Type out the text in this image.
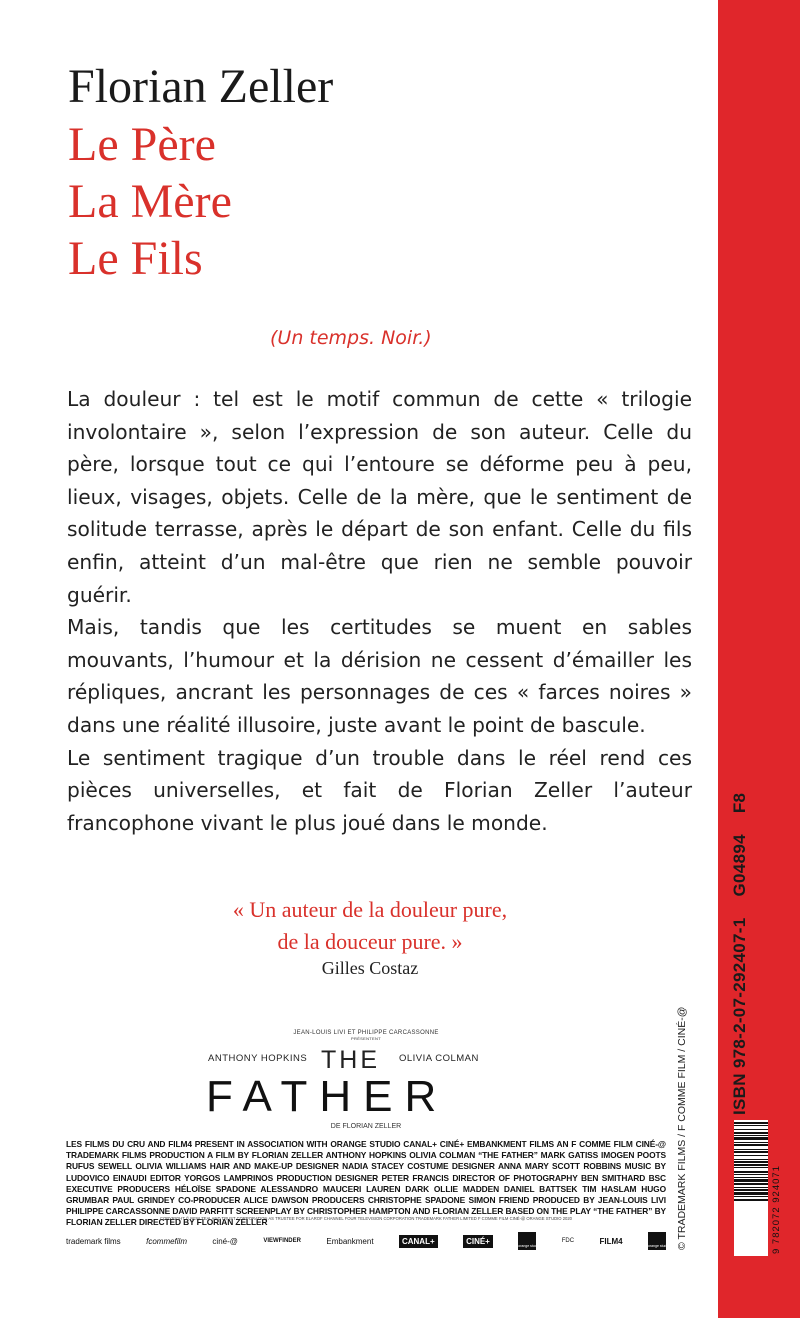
Florian Zeller
Le Père
La Mère
Le Fils
(Un temps. Noir.)

La douleur : tel est le motif commun de cette « trilogie involontaire », selon l’expression de son auteur. Celle du père, lorsque tout ce qui l’entoure se déforme peu à peu, lieux, visages, objets. Celle de la mère, que le sentiment de solitude terrasse, après le départ de son enfant. Celle du fils enfin, atteint d’un mal-être que rien ne semble pouvoir guérir.

Mais, tandis que les certitudes se muent en sables mouvants, l’humour et la dérision ne cessent d’émailler les répliques, ancrant les personnages de ces « farces noires » dans une réalité illusoire, juste avant le point de bascule.

Le sentiment tragique d’un trouble dans le réel rend ces pièces universelles, et fait de Florian Zeller l’auteur francophone vivant le plus joué dans le monde.

« Un auteur de la douleur pure,
de la douceur pure. »
Gilles Costaz
JEAN-LOUIS LIVI ET PHILIPPE CARCASSONNE
PRÉSENTENT
ANTHONY HOPKINS THE OLIVIA COLMAN
FATHER
DE FLORIAN ZELLER
LES FILMS DU CRU AND FILM4 PRESENT IN ASSOCIATION WITH ORANGE STUDIO CANAL+ CINÉ+ EMBANKMENT FILMS AN F COMME FILM CINÉ-@ TRADEMARK FILMS PRODUCTION A FILM BY FLORIAN ZELLER ANTHONY HOPKINS OLIVIA COLMAN “THE FATHER” MARK GATISS IMOGEN POOTS RUFUS SEWELL OLIVIA WILLIAMS HAIR AND MAKE-UP DESIGNER NADIA STACEY COSTUME DESIGNER ANNA MARY SCOTT ROBBINS MUSIC BY LUDOVICO EINAUDI EDITOR YORGOS LAMPRINOS PRODUCTION DESIGNER PETER FRANCIS DIRECTOR OF PHOTOGRAPHY BEN SMITHARD BSC EXECUTIVE PRODUCERS HÉLOÏSE SPADONE ALESSANDRO MAUCERI LAUREN DARK OLLIE MADDEN DANIEL BATTSEK TIM HASLAM HUGO GRUMBAR PAUL GRINDEY CO-PRODUCER ALICE DAWSON PRODUCERS CHRISTOPHE SPADONE SIMON FRIEND PRODUCED BY JEAN-LOUIS LIVI PHILIPPE CARCASSONNE DAVID PARFITT SCREENPLAY BY CHRISTOPHER HAMPTON AND FLORIAN ZELLER BASED ON THE PLAY “THE FATHER” BY FLORIAN ZELLER DIRECTED BY FLORIAN ZELLER
COPYRIGHT © NEW ZEALAND TRUST CORPORATION AS TRUSTEE FOR ELAROF CHANNEL FOUR TELEVISION CORPORATION TRADEMARK FATHER LIMITED F COMME FILM CINÉ-@ ORANGE STUDIO 2020
trademark films	fcommefilm	ciné-@	VIEWFINDER	Embankment	CANAL+	CINÉ+
orange studio
FDC	FILM4
orange studio
ISBN 978-2-07-292407-1 G04894 F8
© TRADEMARK FILMS / F COMME FILM / CINÉ-@	9 782072 924071
